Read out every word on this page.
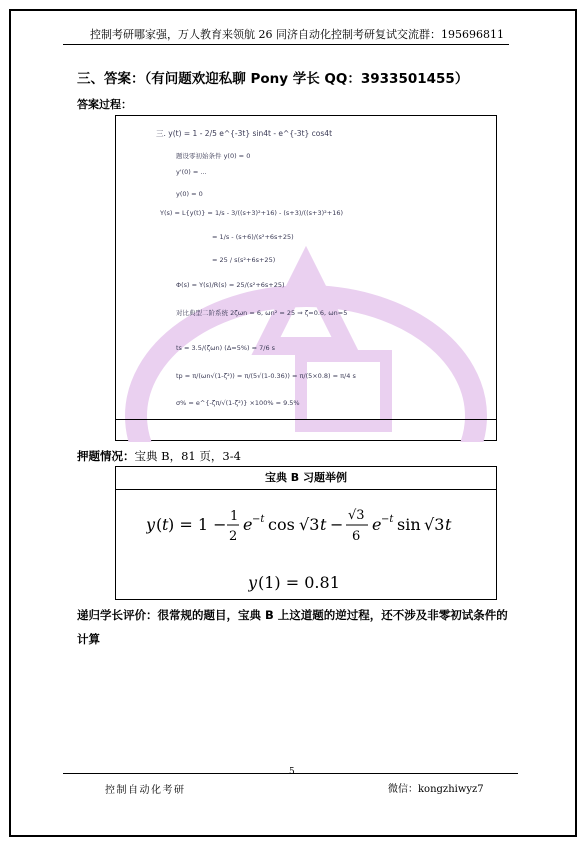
控制考研哪家强，万人教育来领航 26 同济自动化控制考研复试交流群：195696811
三、答案：（有问题欢迎私聊 Pony 学长 QQ：3933501455）
答案过程：
三. y(t) = 1 - 2/5 e^{-3t} sin4t - e^{-3t} cos4t
题设零初始条件 y(0) = 0
y'(0) = ...
y(0) = 0
Y(s) = L{y(t)} = 1/s - 3/((s+3)²+16) - (s+3)/((s+3)²+16)
= 1/s - (s+6)/(s²+6s+25)
= 25 / s(s²+6s+25)
Φ(s) = Y(s)/R(s) = 25/(s²+6s+25)
对比典型二阶系统 2ζωn = 6, ωn² = 25 ⇒ ζ=0.6, ωn=5
ts = 3.5/(ζωn) (Δ=5%) = 7/6 s
tp = π/(ωn√(1-ζ²)) = π/(5√(1-0.36)) = π/(5×0.8) = π/4 s
σ% = e^{-ζπ/√(1-ζ²)} ×100% = 9.5%
押题情况：宝典 B，81 页，3-4
宝典 B 习题举例
y ( t ) = 1 − 1
2
e −t cos √3 t − √3
6
e −t sin √3 t
y (1) = 0.81
递归学长评价：很常规的题目，宝典 B 上这道题的逆过程，还不涉及非零初试条件的计算
5
控制自动化考研	微信：kongzhiwyz7
